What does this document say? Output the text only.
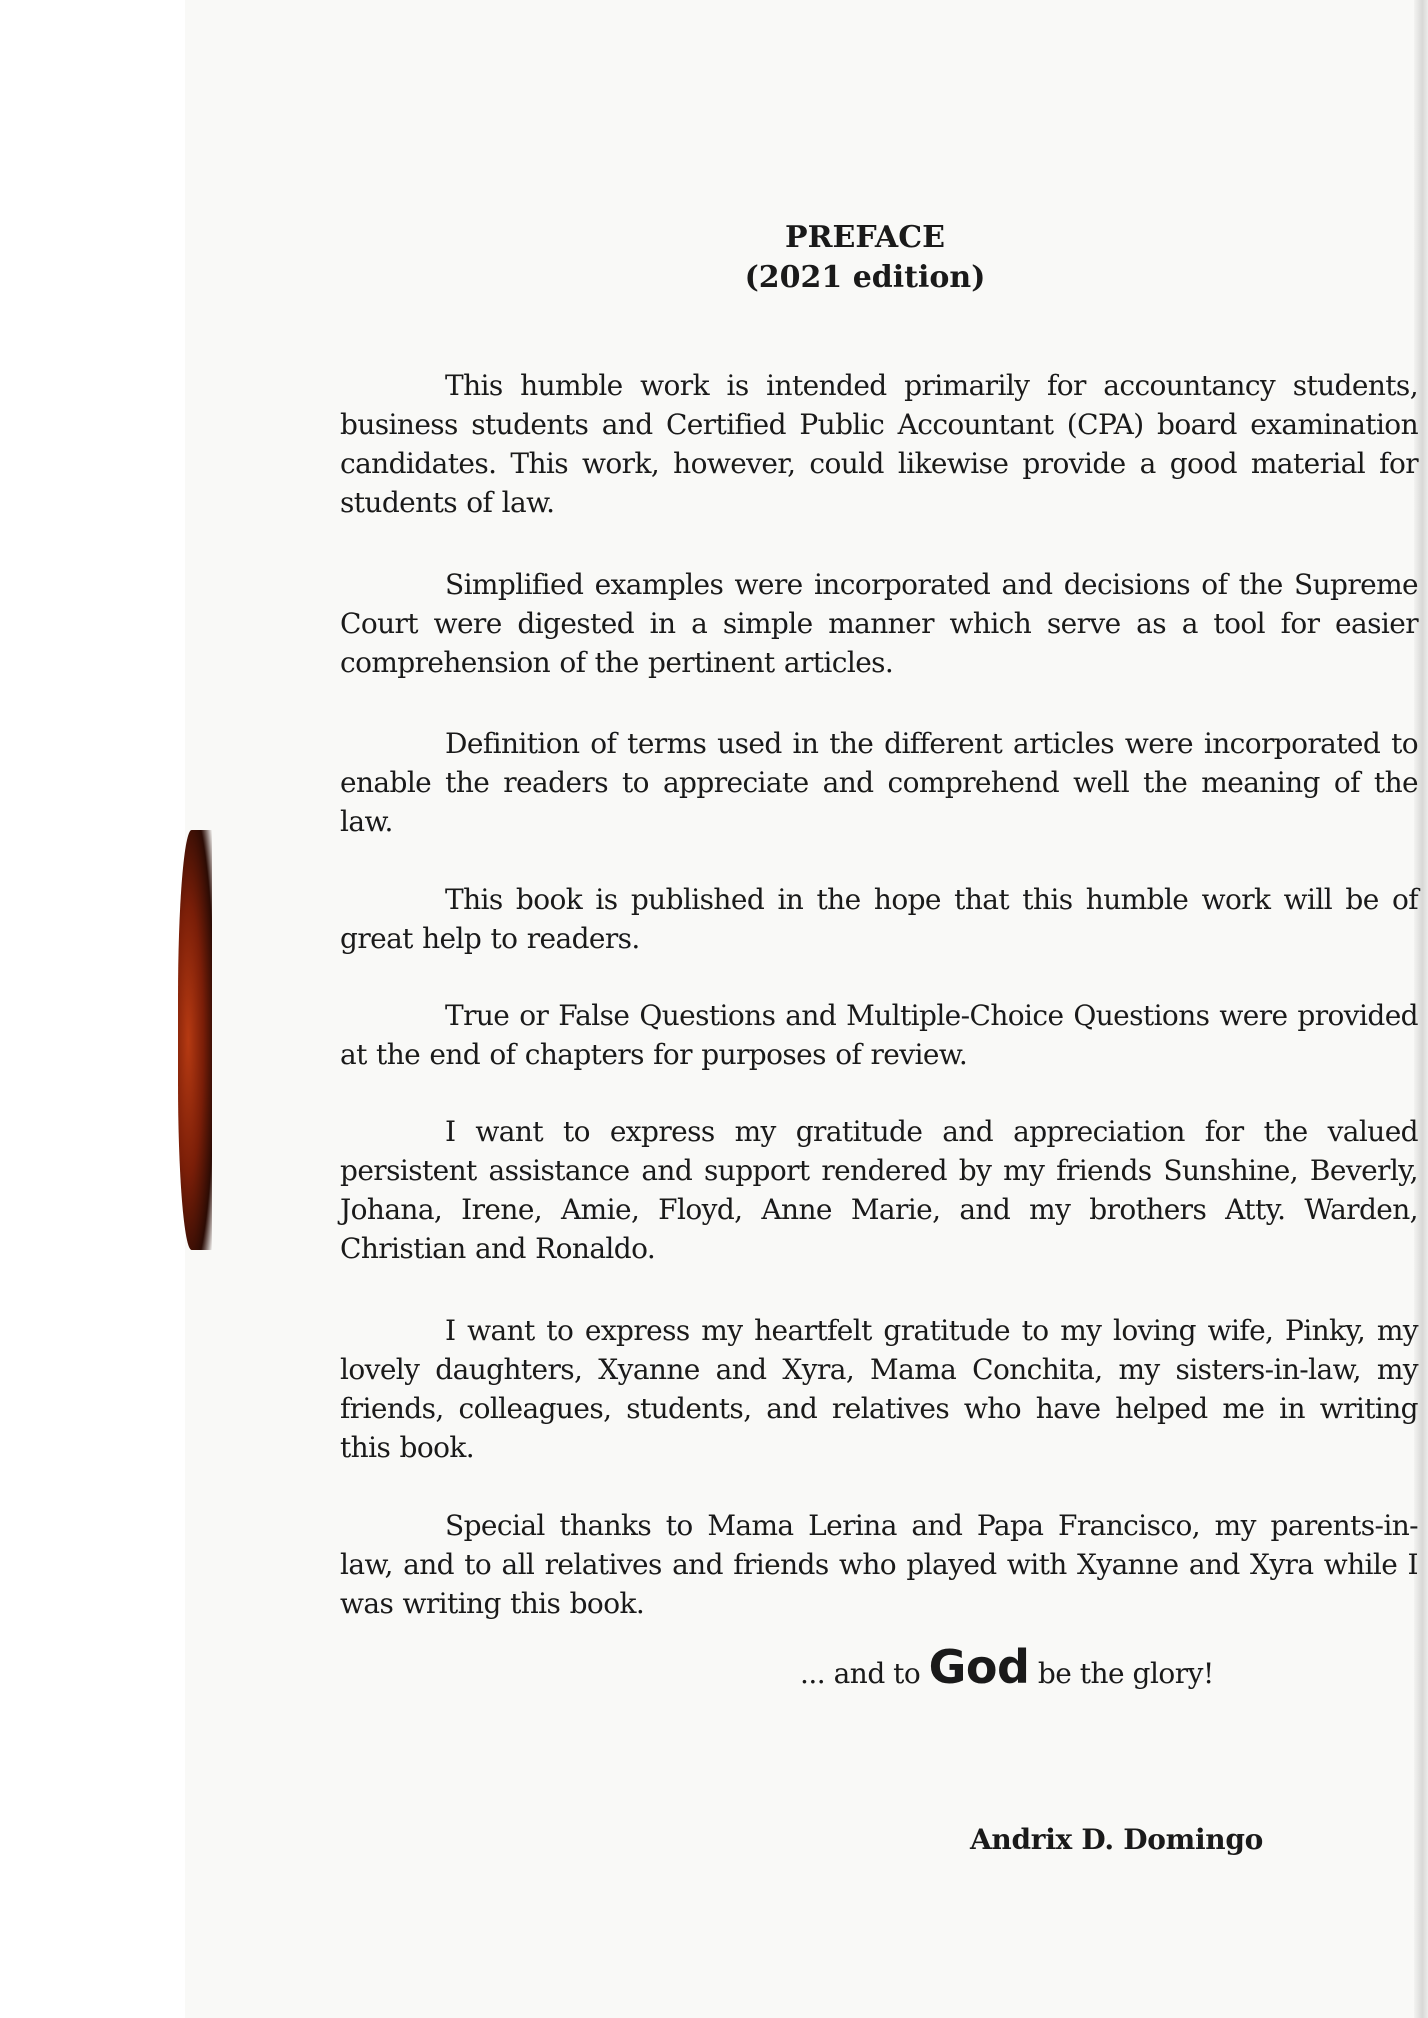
PREFACE
(2021 edition)

This humble work is intended primarily for accountancy students, business students and Certified Public Accountant (CPA) board examination candidates. This work, however, could likewise provide a good material for students of law.

Simplified examples were incorporated and decisions of the Supreme Court were digested in a simple manner which serve as a tool for easier comprehension of the pertinent articles.

Definition of terms used in the different articles were incorporated to enable the readers to appreciate and comprehend well the meaning of the law.

This book is published in the hope that this humble work will be of great help to readers.

True or False Questions and Multiple-Choice Questions were provided at the end of chapters for purposes of review.

I want to express my gratitude and appreciation for the valued persistent assistance and support rendered by my friends Sunshine, Beverly, Johana, Irene, Amie, Floyd, Anne Marie, and my brothers Atty. Warden, Christian and Ronaldo.

I want to express my heartfelt gratitude to my loving wife, Pinky, my lovely daughters, Xyanne and Xyra, Mama Conchita, my sisters-in-law, my friends, colleagues, students, and relatives who have helped me in writing this book.

Special thanks to Mama Lerina and Papa Francisco, my parents-in-law, and to all relatives and friends who played with Xyanne and Xyra while I was writing this book.

... and to God be the glory!
Andrix D. Domingo
